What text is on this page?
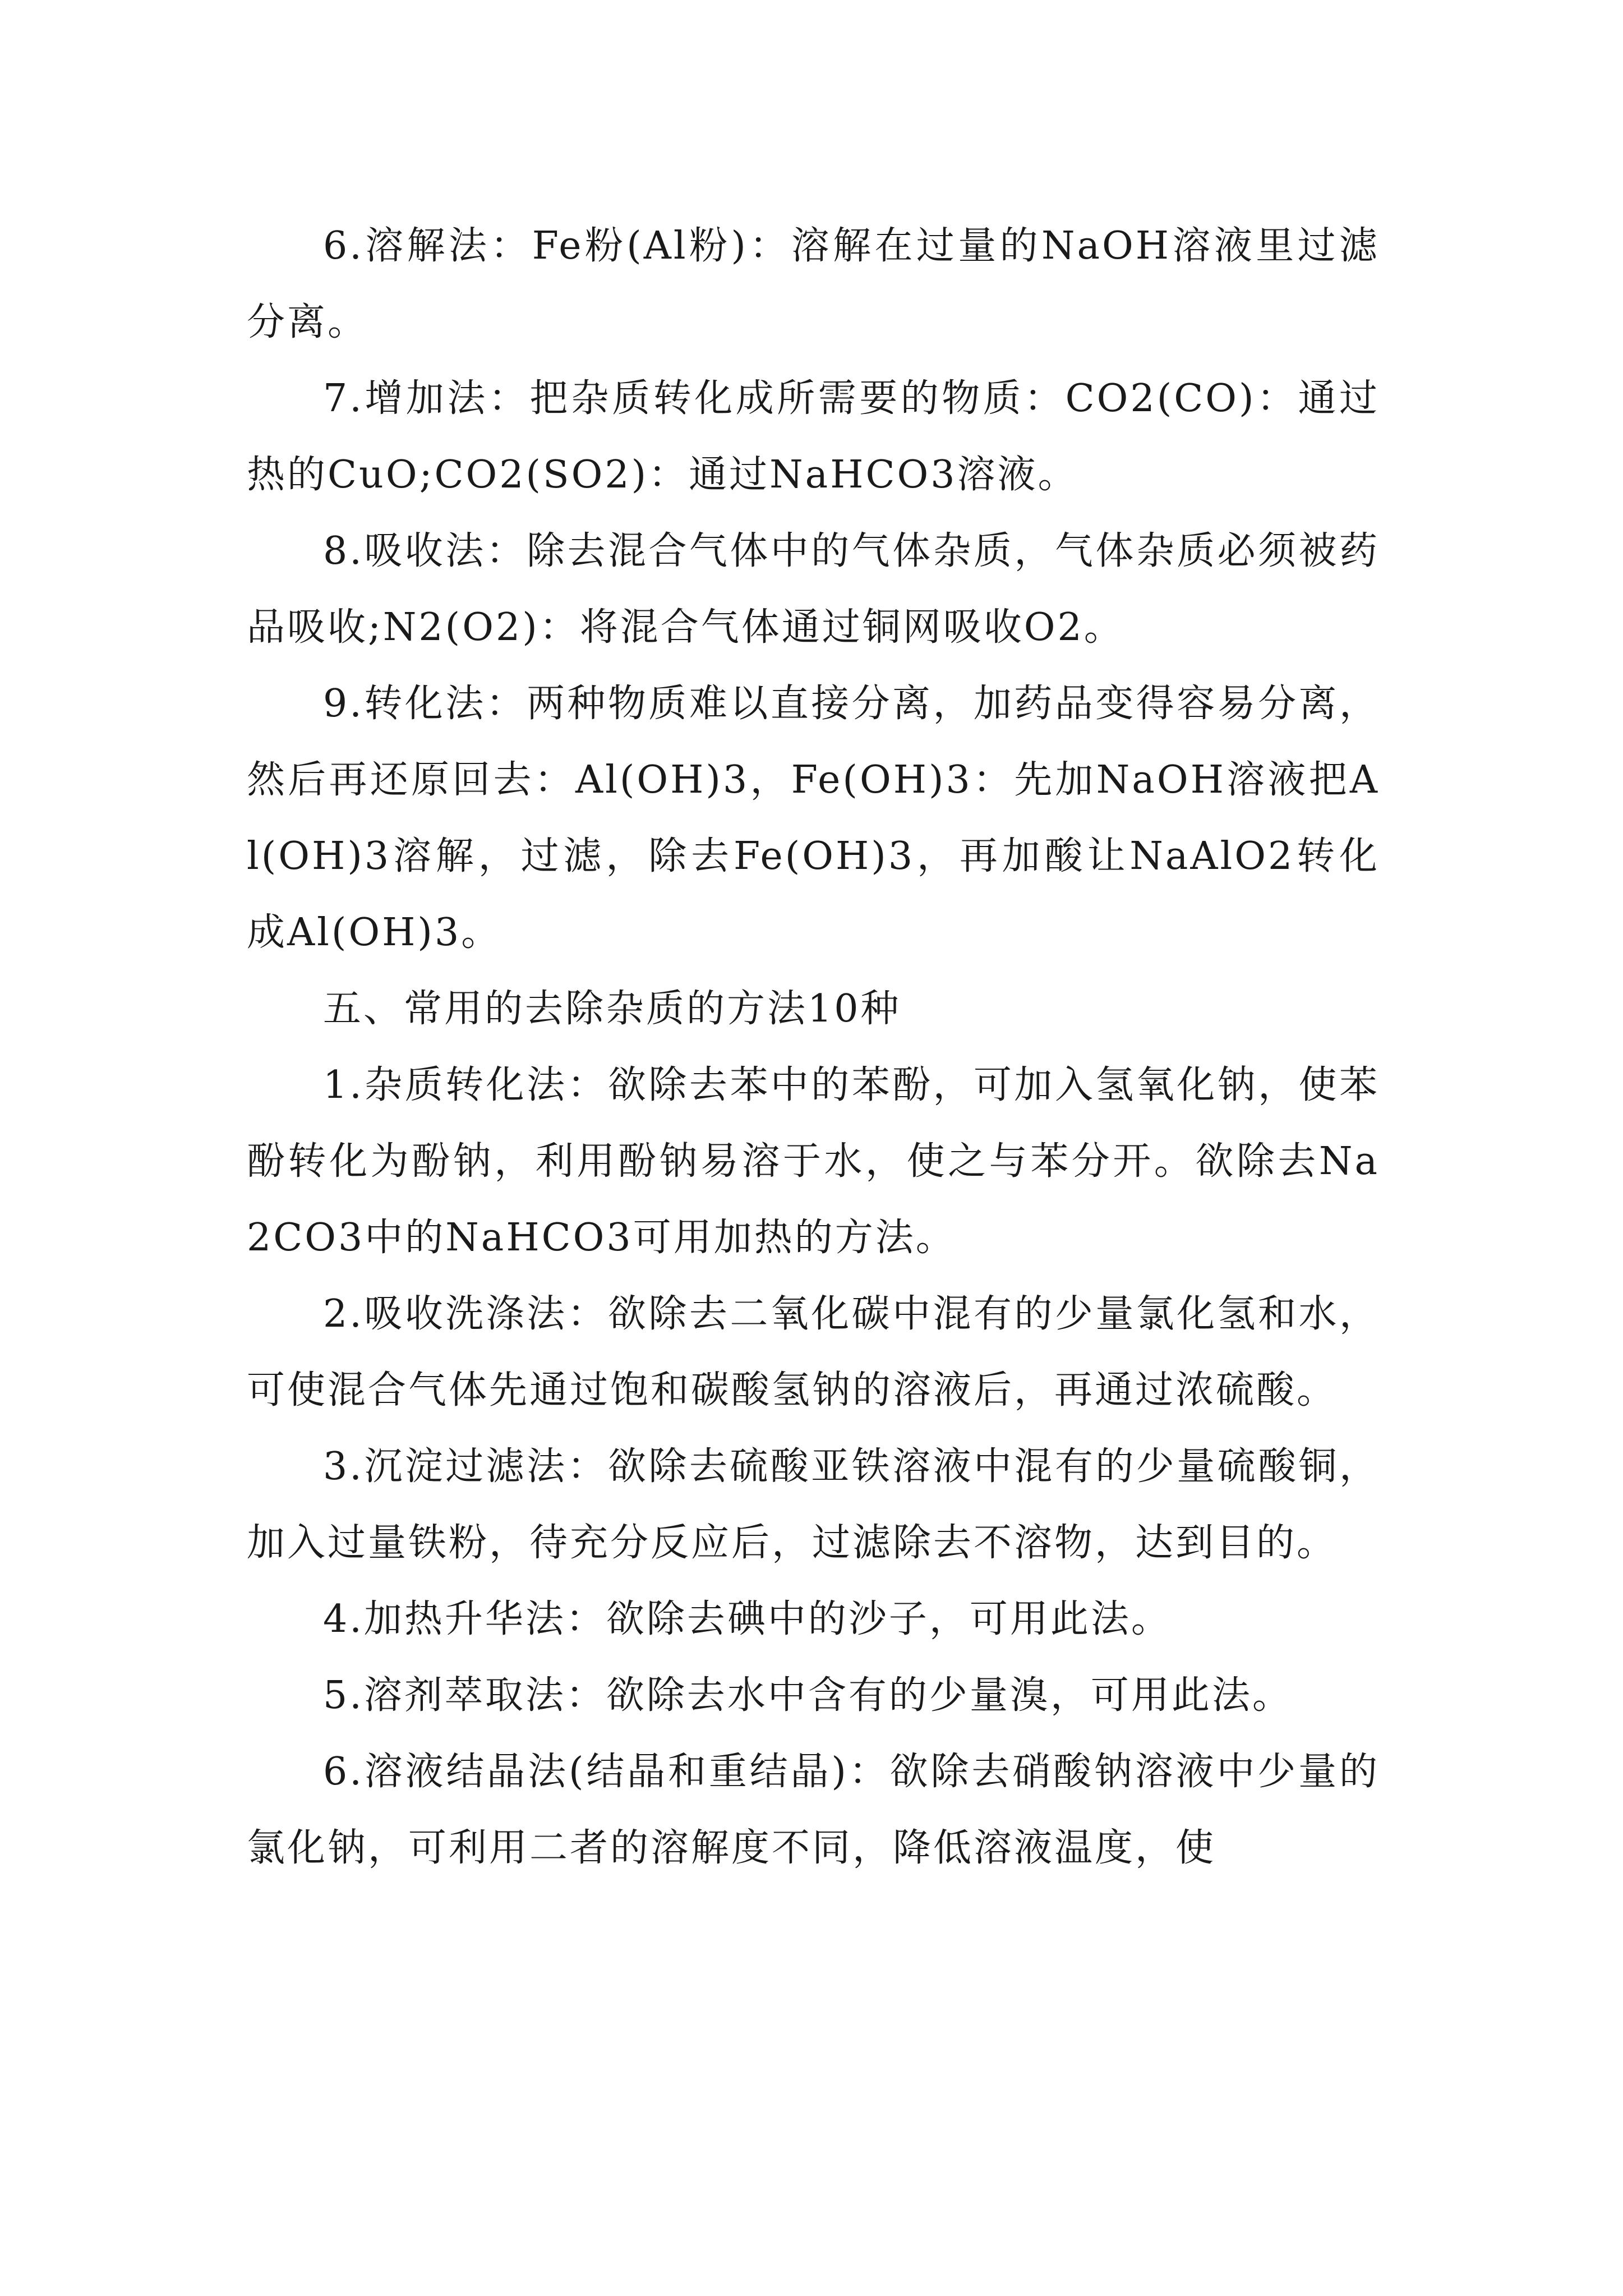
6.溶解法：Fe粉(Al粉)：溶解在过量的NaOH溶液里过滤分离。

7.增加法：把杂质转化成所需要的物质：CO2(CO)：通过热的CuO;CO2(SO2)：通过NaHCO3溶液。

8.吸收法：除去混合气体中的气体杂质，气体杂质必须被药品吸收;N2(O2)：将混合气体通过铜网吸收O2。

9.转化法：两种物质难以直接分离，加药品变得容易分离，然后再还原回去：Al(OH)3，Fe(OH)3：先加NaOH溶液把Al(OH)3溶解，过滤，除去Fe(OH)3，再加酸让NaAlO2转化成Al(OH)3。

五、常用的去除杂质的方法10种

1.杂质转化法：欲除去苯中的苯酚，可加入氢氧化钠，使苯酚转化为酚钠，利用酚钠易溶于水，使之与苯分开。欲除去Na2CO3中的NaHCO3可用加热的方法。

2.吸收洗涤法：欲除去二氧化碳中混有的少量氯化氢和水，可使混合气体先通过饱和碳酸氢钠的溶液后，再通过浓硫酸。

3.沉淀过滤法：欲除去硫酸亚铁溶液中混有的少量硫酸铜，加入过量铁粉，待充分反应后，过滤除去不溶物，达到目的。

4.加热升华法：欲除去碘中的沙子，可用此法。

5.溶剂萃取法：欲除去水中含有的少量溴，可用此法。

6.溶液结晶法(结晶和重结晶)：欲除去硝酸钠溶液中少量的氯化钠，可利用二者的溶解度不同，降低溶液温度，使
